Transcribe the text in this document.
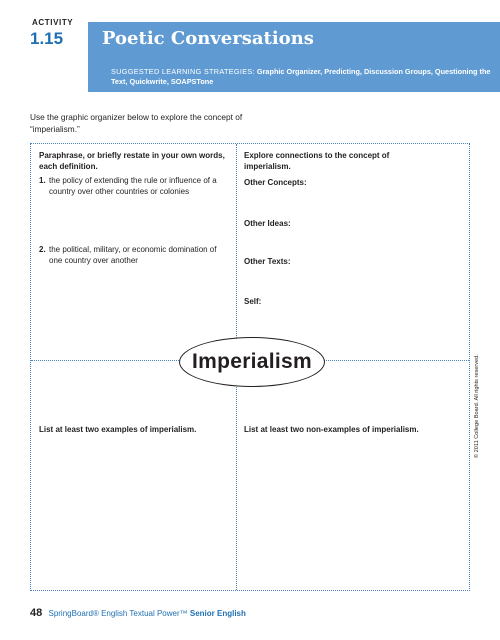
ACTIVITY
1.15 Poetic Conversations
SUGGESTED LEARNING STRATEGIES: Graphic Organizer, Predicting, Discussion Groups, Questioning the Text, Quickwrite, SOAPSTone

Use the graphic organizer below to explore the concept of “imperialism.”

Paraphrase, or briefly restate in your own words, each definition.
1. the policy of extending the rule or influence of a country over other countries or colonies
2. the political, military, or economic domination of one country over another
Explore connections to the concept of imperialism.
Other Concepts:
Other Ideas:
Other Texts:
Self:
Imperialism
List at least two examples of imperialism.	List at least two non-examples of imperialism.	© 2011 College Board. All rights reserved.
48 SpringBoard® English Textual Power™ Senior English
